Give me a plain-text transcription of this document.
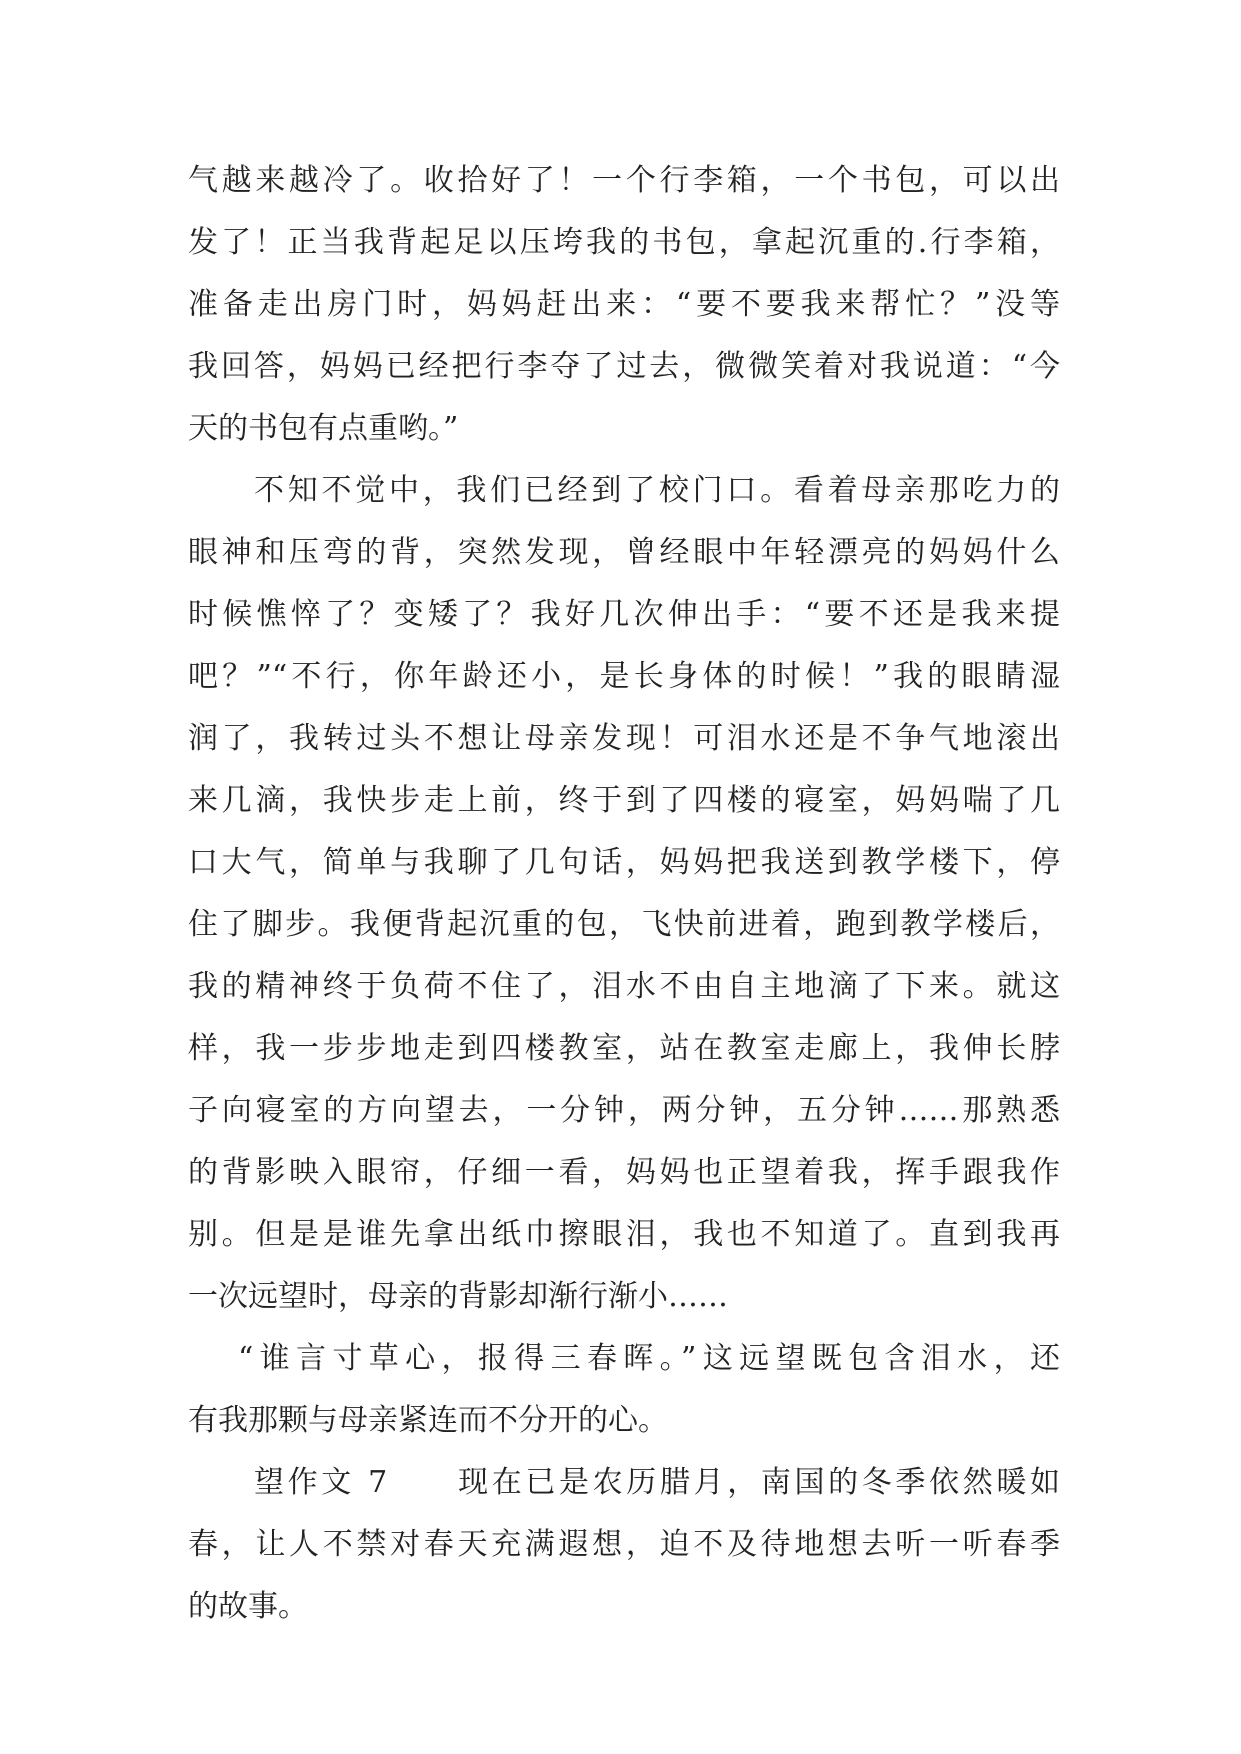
气越来越冷了。收拾好了！一个行李箱，一个书包，可以出
发了！正当我背起足以压垮我的书包，拿起沉重的.行李箱，
准备走出房门时，妈妈赶出来：“要不要我来帮忙？”没等
我回答，妈妈已经把行李夺了过去，微微笑着对我说道：“今
天的书包有点重哟。”
不知不觉中，我们已经到了校门口。看着母亲那吃力的
眼神和压弯的背，突然发现，曾经眼中年轻漂亮的妈妈什么
时候憔悴了？变矮了？我好几次伸出手：“要不还是我来提
吧？”“不行，你年龄还小，是长身体的时候！”我的眼睛湿
润了，我转过头不想让母亲发现！可泪水还是不争气地滚出
来几滴，我快步走上前，终于到了四楼的寝室，妈妈喘了几
口大气，简单与我聊了几句话，妈妈把我送到教学楼下，停
住了脚步。我便背起沉重的包，飞快前进着，跑到教学楼后，
我的精神终于负荷不住了，泪水不由自主地滴了下来。就这
样，我一步步地走到四楼教室，站在教室走廊上，我伸长脖
子向寝室的方向望去，一分钟，两分钟，五分钟……那熟悉
的背影映入眼帘，仔细一看，妈妈也正望着我，挥手跟我作
别。但是是谁先拿出纸巾擦眼泪，我也不知道了。直到我再
一次远望时，母亲的背影却渐行渐小……
“谁言寸草心，报得三春晖。”这远望既包含泪水，还
有我那颗与母亲紧连而不分开的心。
望作文 7　　现在已是农历腊月，南国的冬季依然暖如
春，让人不禁对春天充满遐想，迫不及待地想去听一听春季
的故事。
